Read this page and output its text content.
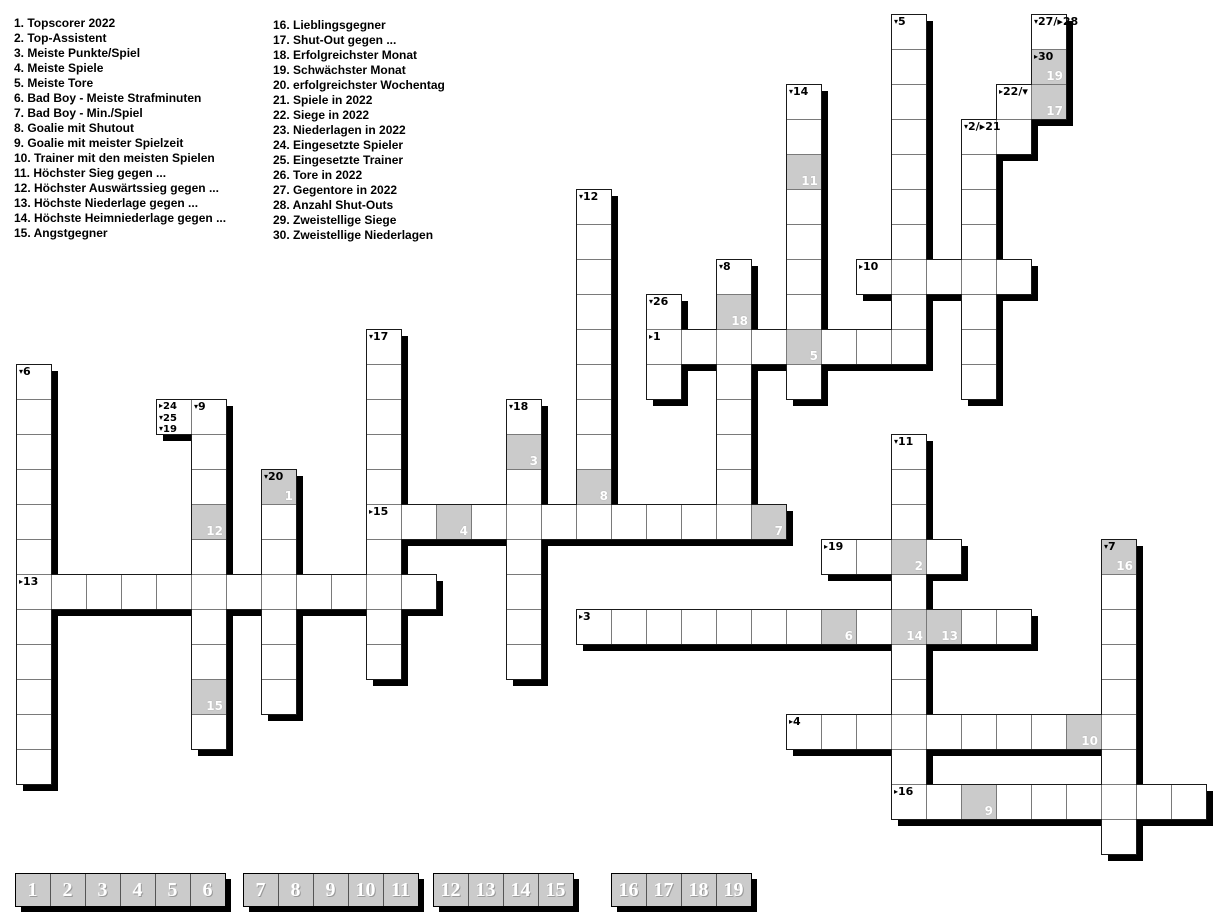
1. Topscorer 2022
2. Top-Assistent
3. Meiste Punkte/Spiel
4. Meiste Spiele
5. Meiste Tore
6. Bad Boy - Meiste Strafminuten
7. Bad Boy - Min./Spiel
8. Goalie mit Shutout
9. Goalie mit meister Spielzeit
10. Trainer mit den meisten Spielen
11. Höchster Sieg gegen ...
12. Höchster Auswärtssieg gegen ...
13. Höchste Niederlage gegen ...
14. Höchste Heimniederlage gegen ...
15. Angstgegner
16. Lieblingsgegner
17. Shut-Out gegen ...
18. Erfolgreichster Monat
19. Schwächster Monat
20. erfolgreichster Wochentag
21. Spiele in 2022
22. Siege in 2022
23. Niederlagen in 2022
24. Eingesetzte Spieler
25. Eingesetzte Trainer
26. Tore in 2022
27. Gegentore in 2022
28. Anzahl Shut-Outs
29. Zweistellige Siege
30. Zweistellige Niederlagen
1
2
3
4
5
6
7
8
9
10
11
12
13
14
15
16
17
18
19
▾5	▾27/▸28
▸30
▸22/▾
▾14
▾2/▸21
▾12
▾8	▸10
▾26
▸1
▾17
▾6
▸24
▾25
▾19
▾9	▾18
▾11
▾20
▸15
▸19	▾7
▸13
▸3
▸4
▸16
1	2	3	4	5	6	7	8	9	10 11	12 13 14 15	16 17 18 19
